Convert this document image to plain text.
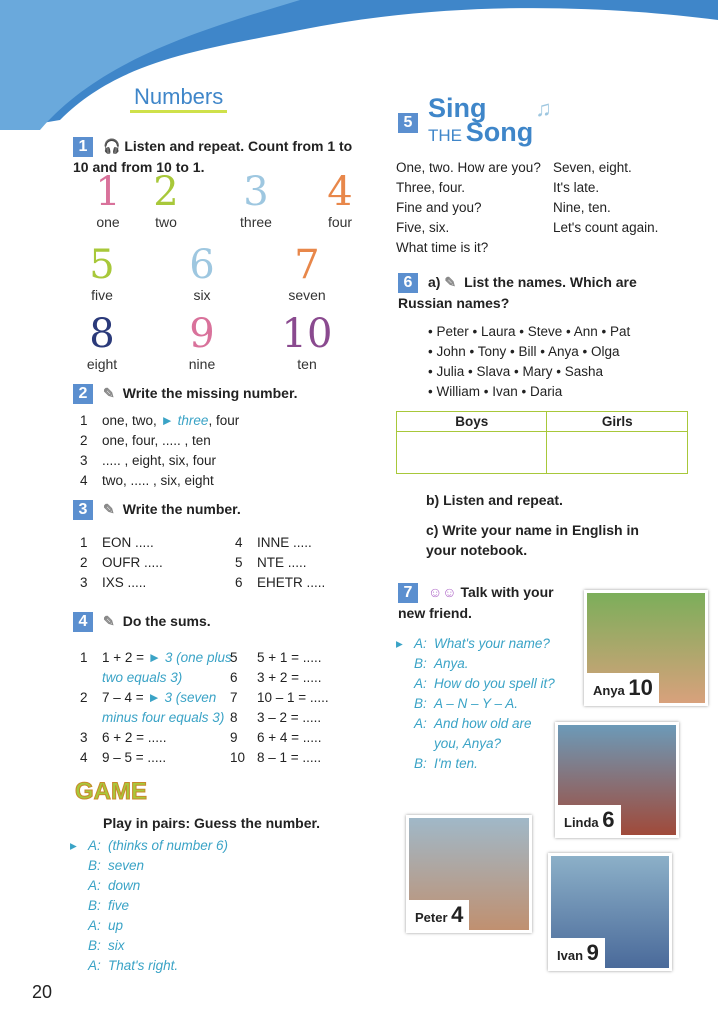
Numbers
1 🎧 Listen and repeat. Count from 1 to 10 and from 10 to 1.
1
one
2
two
3
three
4
four
5
five
6
six
7
seven
8
eight
9
nine
10
ten
2 ✎ Write the missing number.
1	one, two, ► three , four
2	one, four, ..... , ten
3	..... , eight, six, four
4	two, ..... , six, eight
3 ✎ Write the number.
1	EON .....	4	INNE .....
2	OUFR .....	5	NTE .....
3	IXS .....	6	EHETR .....
4 ✎ Do the sums.
1	1 + 2 = ► 3 (one plus
two equals 3)
2	7 – 4 = ► 3 (seven
minus four equals 3)
3	6 + 2 = .....
4	9 – 5 = .....
5	5 + 1 = .....
6	3 + 2 = .....
7	10 – 1 = .....
8	3 – 2 = .....
9	6 + 4 = .....
10 8 – 1 = .....
GAME
Play in pairs: Guess the number.
▸ A: (thinks of number 6)
B: seven
A: down
B: five
A: up
B: six
A: That's right.
20
5 Sing
THE Song
♫
One, two. How are you?
Three, four.
Fine and you?
Five, six.
What time is it?
Seven, eight.
It's late.
Nine, ten.
Let's count again.
6 a) ✎ List the names. Which are Russian names?
• Peter • Laura • Steve • Ann • Pat
• John • Tony • Bill • Anya • Olga
• Julia • Slava • Mary • Sasha
• William • Ivan • Daria
Boys	Girls

b) Listen and repeat.
c) Write your name in English in your notebook.
7 ☺☺ Talk with your new friend.
▸ A: What's your name?
B: Anya.
A: How do you spell it?
B: A – N – Y – A.
A: And how old are
you, Anya?
B: I'm ten.
Anya 10
Linda 6
Peter 4
Ivan 9
